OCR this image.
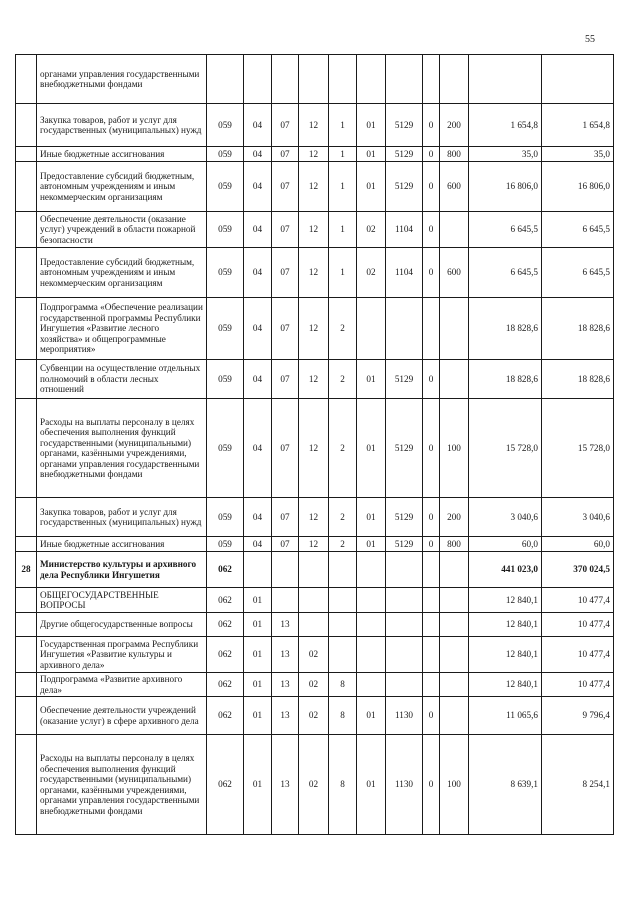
55
	органами управления государственными внебюджетными фондами											
	Закупка товаров, работ и услуг для государственных (муниципальных) нужд	059	04	07	12	1	01	5129	0	200	1 654,8	1 654,8
	Иные бюджетные ассигнования	059	04	07	12	1	01	5129	0	800	35,0	35,0
	Предоставление субсидий бюджетным, автономным учреждениям и иным некоммерческим организациям	059	04	07	12	1	01	5129	0	600	16 806,0	16 806,0
	Обеспечение деятельности (оказание услуг) учреждений в области пожарной безопасности	059	04	07	12	1	02	1104	0		6 645,5	6 645,5
	Предоставление субсидий бюджетным, автономным учреждениям и иным некоммерческим организациям	059	04	07	12	1	02	1104	0	600	6 645,5	6 645,5
	Подпрограмма «Обеспечение реализации государственной программы Республики Ингушетия «Развитие лесного хозяйства» и общепрограммные мероприятия»	059	04	07	12	2					18 828,6	18 828,6
	Субвенции на осуществление отдельных полномочий в области лесных отношений	059	04	07	12	2	01	5129	0		18 828,6	18 828,6
	Расходы на выплаты персоналу в целях обеспечения выполнения функций государственными (муниципальными) органами, казёнными учреждениями, органами управления государственными внебюджетными фондами	059	04	07	12	2	01	5129	0	100	15 728,0	15 728,0
	Закупка товаров, работ и услуг для государственных (муниципальных) нужд	059	04	07	12	2	01	5129	0	200	3 040,6	3 040,6
	Иные бюджетные ассигнования	059	04	07	12	2	01	5129	0	800	60,0	60,0
28	Министерство культуры и архивного дела Республики Ингушетия	062									441 023,0	370 024,5
	ОБЩЕГОСУДАРСТВЕННЫЕ ВОПРОСЫ	062	01								12 840,1	10 477,4
	Другие общегосударственные вопросы	062	01	13							12 840,1	10 477,4
	Государственная программа Республики Ингушетия «Развитие культуры и архивного дела»	062	01	13	02						12 840,1	10 477,4
	Подпрограмма «Развитие архивного дела»	062	01	13	02	8					12 840,1	10 477,4
	Обеспечение деятельности учреждений (оказание услуг) в сфере архивного дела	062	01	13	02	8	01	1130	0		11 065,6	9 796,4
	Расходы на выплаты персоналу в целях обеспечения выполнения функций государственными (муниципальными) органами, казёнными учреждениями, органами управления государственными внебюджетными фондами	062	01	13	02	8	01	1130	0	100	8 639,1	8 254,1
